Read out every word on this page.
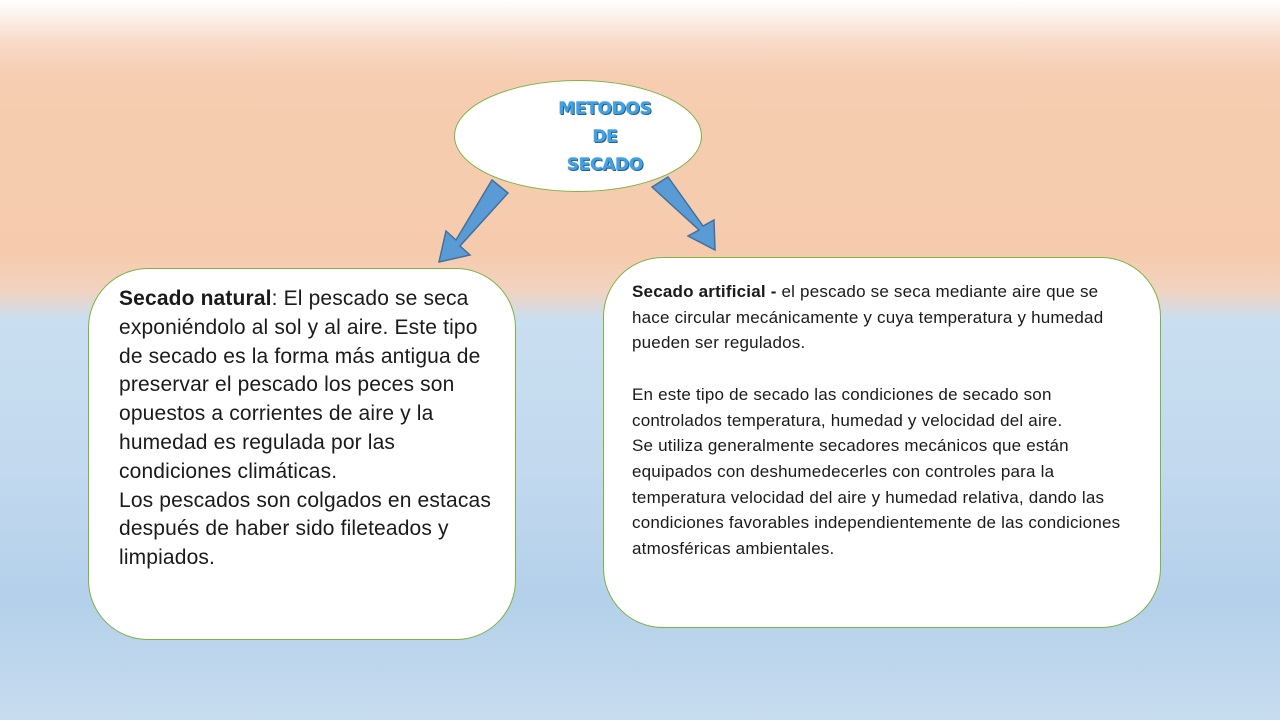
METODOS
DE
SECADO

Secado natural: El pescado se seca exponiéndolo al sol y al aire. Este tipo de secado es la forma más antigua de preservar el pescado los peces son opuestos a corrientes de aire y la humedad es regulada por las condiciones climáticas.

Los pescados son colgados en estacas después de haber sido fileteados y limpiados.

Secado artificial - el pescado se seca mediante aire que se hace circular mecánicamente y cuya temperatura y humedad pueden ser regulados.

En este tipo de secado las condiciones de secado son controlados temperatura, humedad y velocidad del aire.

Se utiliza generalmente secadores mecánicos que están equipados con deshumedecerles con controles para la temperatura velocidad del aire y humedad relativa, dando las condiciones favorables independientemente de las condiciones atmosféricas ambientales.
